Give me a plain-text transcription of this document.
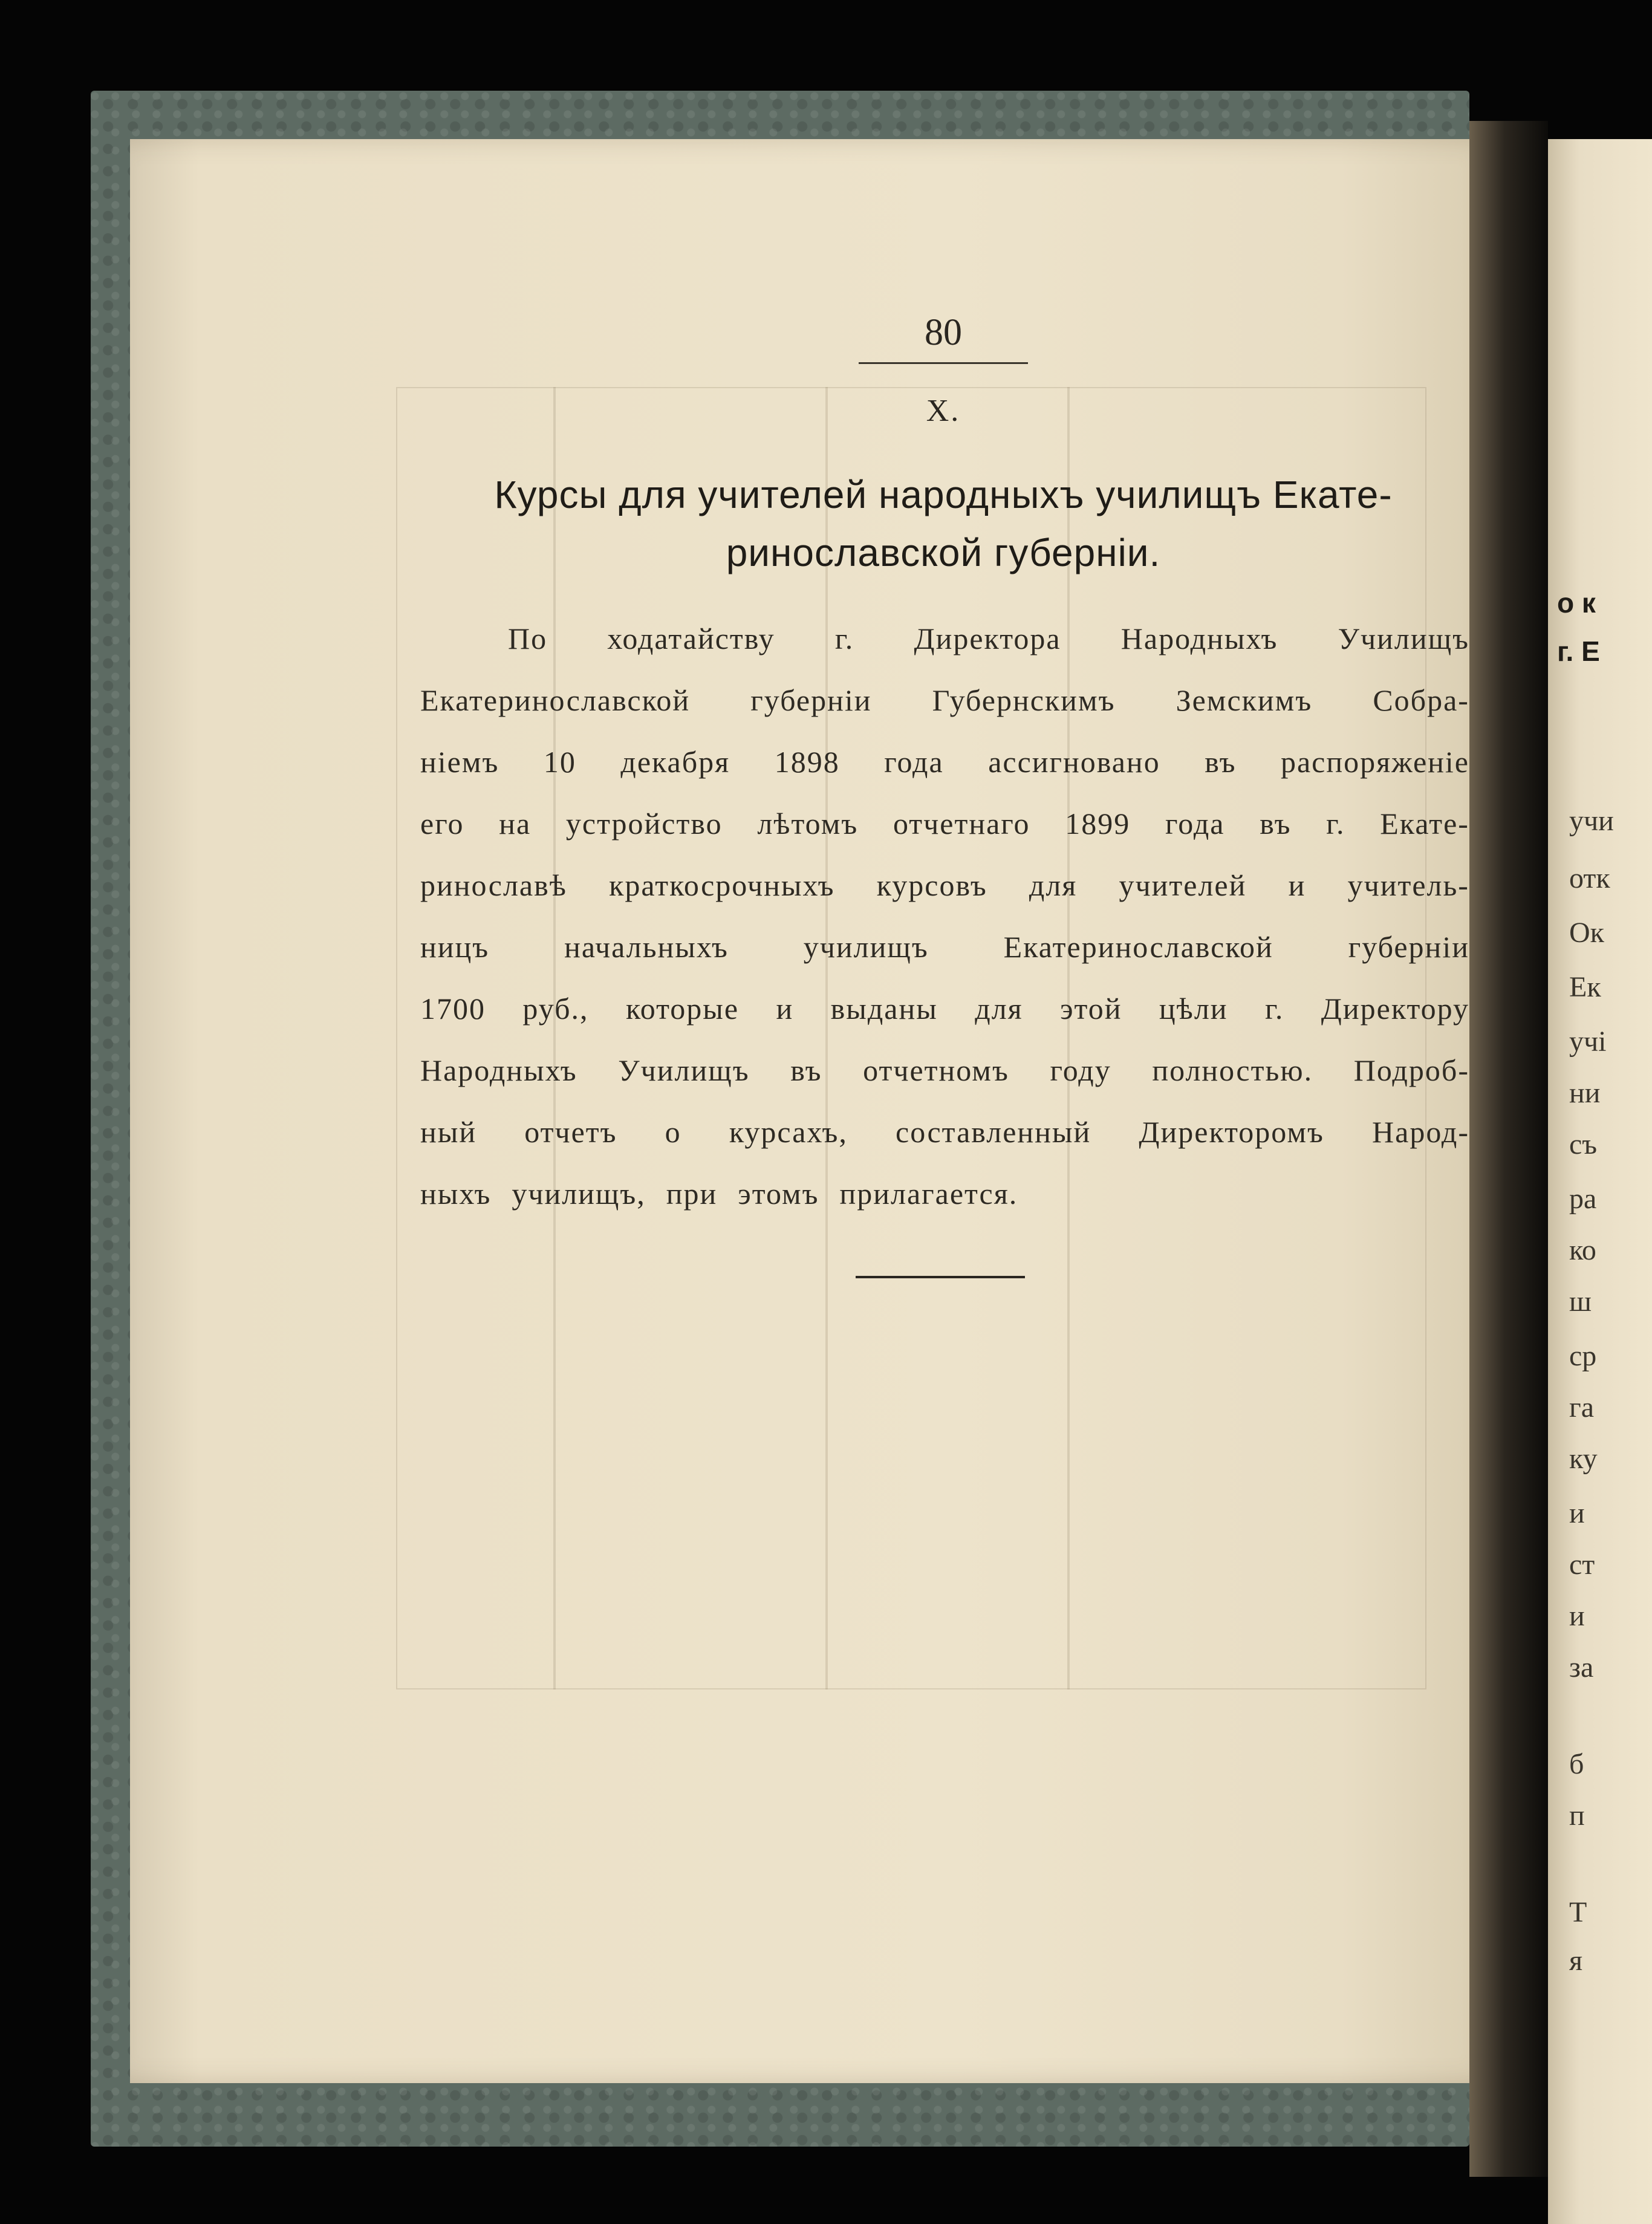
80
X.
Курсы для учителей народныхъ училищъ Екате-
ринославской губерніи.
По ходатайству г. Директора Народныхъ Училищъ
Екатеринославской губерніи Губернскимъ Земскимъ Собра-
ніемъ 10 декабря 1898 года ассигновано въ распоряженіе
его на устройство лѣтомъ отчетнаго 1899 года въ г. Екате-
ринославѣ краткосрочныхъ курсовъ для учителей и учитель-
ницъ начальныхъ училищъ Екатеринославской губерніи
1700 руб., которые и выданы для этой цѣли г. Директору
Народныхъ Училищъ въ отчетномъ году полностью. Подроб-
ный отчетъ о курсахъ, составленный Директоромъ Народ-
ныхъ училищъ, при этомъ прилагается.
о к
г. Е
учи
отк
Ок
Ек
учі
ни
съ
ра
ко
ш
ср
га
ку
и
ст
и
за
б
п
Т
я
